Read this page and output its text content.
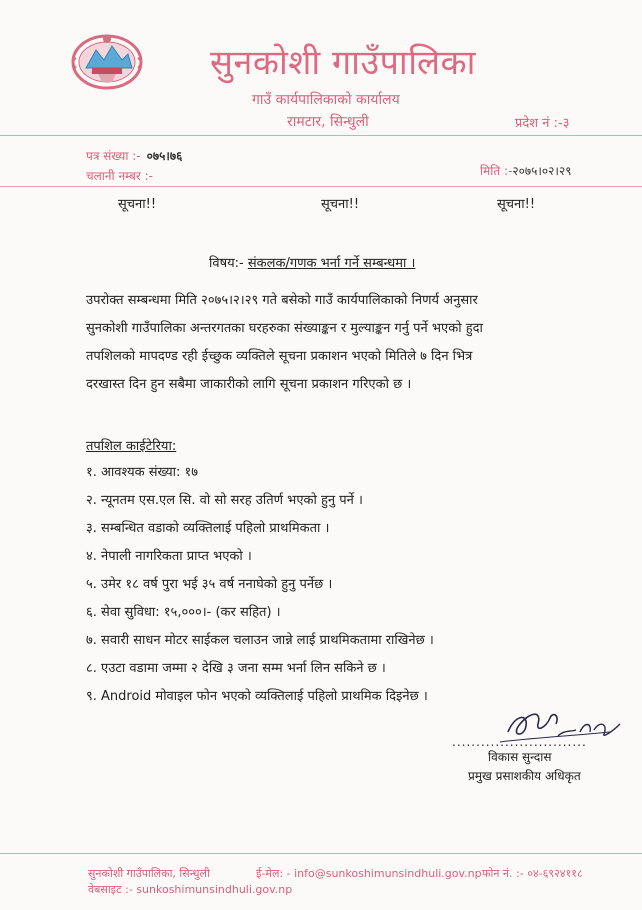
सुनकोशी गाउँपालिका
गाउँ कार्यपालिकाको कार्यालय
रामटार, सिन्धुली	प्रदेश नं :-३
पत्र संख्या :- ०७५।७६
चलानी नम्बर :-	मिति :-२०७५।०२।२९
सूचना!!	सूचना!!	सूचना!!
विषय:- संकलक/गणक भर्ना गर्ने सम्बन्धमा ।
उपरोक्त सम्बन्धमा मिति २०७५।२।२९ गते बसेको गाउँ कार्यपालिकाको निणर्य अनुसार
सुनकोशी गाउँपालिका अन्तरगतका घरहरुका संख्याङ्कन र मुल्याङ्कन गर्नु पर्ने भएको हुदा
तपशिलको मापदण्ड रही ईच्छुक व्यक्तिले सूचना प्रकाशन भएको मितिले ७ दिन भित्र
दरखास्त दिन हुन सबैमा जाकारीको लागि सूचना प्रकाशन गरिएको छ ।
तपशिल काईटेरिया:
१. आवश्यक संख्या: १७
२. न्यूनतम एस.एल सि. वो सो सरह उतिर्ण भएको हुनु पर्ने ।
३. सम्बन्धित वडाको व्यक्तिलाई पहिलो प्राथमिकता ।
४. नेपाली नागरिकता प्राप्त भएको ।
५. उमेर १८ वर्ष पुरा भई ३५ वर्ष ननाघेको हुनु पर्नेछ ।
६. सेवा सुविधा: १५,०००।- (कर सहित) ।
७. सवारी साधन मोटर साईकल चलाउन जान्ने लाई प्राथमिकतामा राखिनेछ ।
८. एउटा वडामा जम्मा २ देखि ३ जना सम्म भर्ना लिन सकिने छ ।
९. Android मोवाइल फोन भएको व्यक्तिलाई पहिलो प्राथमिक दिइनेछ ।
............................
विकास सुन्दास
प्रमुख प्रसाशकीय अधिकृत
सुनकोशी गाउँपालिका, सिन्धुली	ई-मेल: - info@sunkoshimunsindhuli.gov.np फोन नं. :- ०४-६९२४११८
वेबसाइट :- sunkoshimunsindhuli.gov.np
